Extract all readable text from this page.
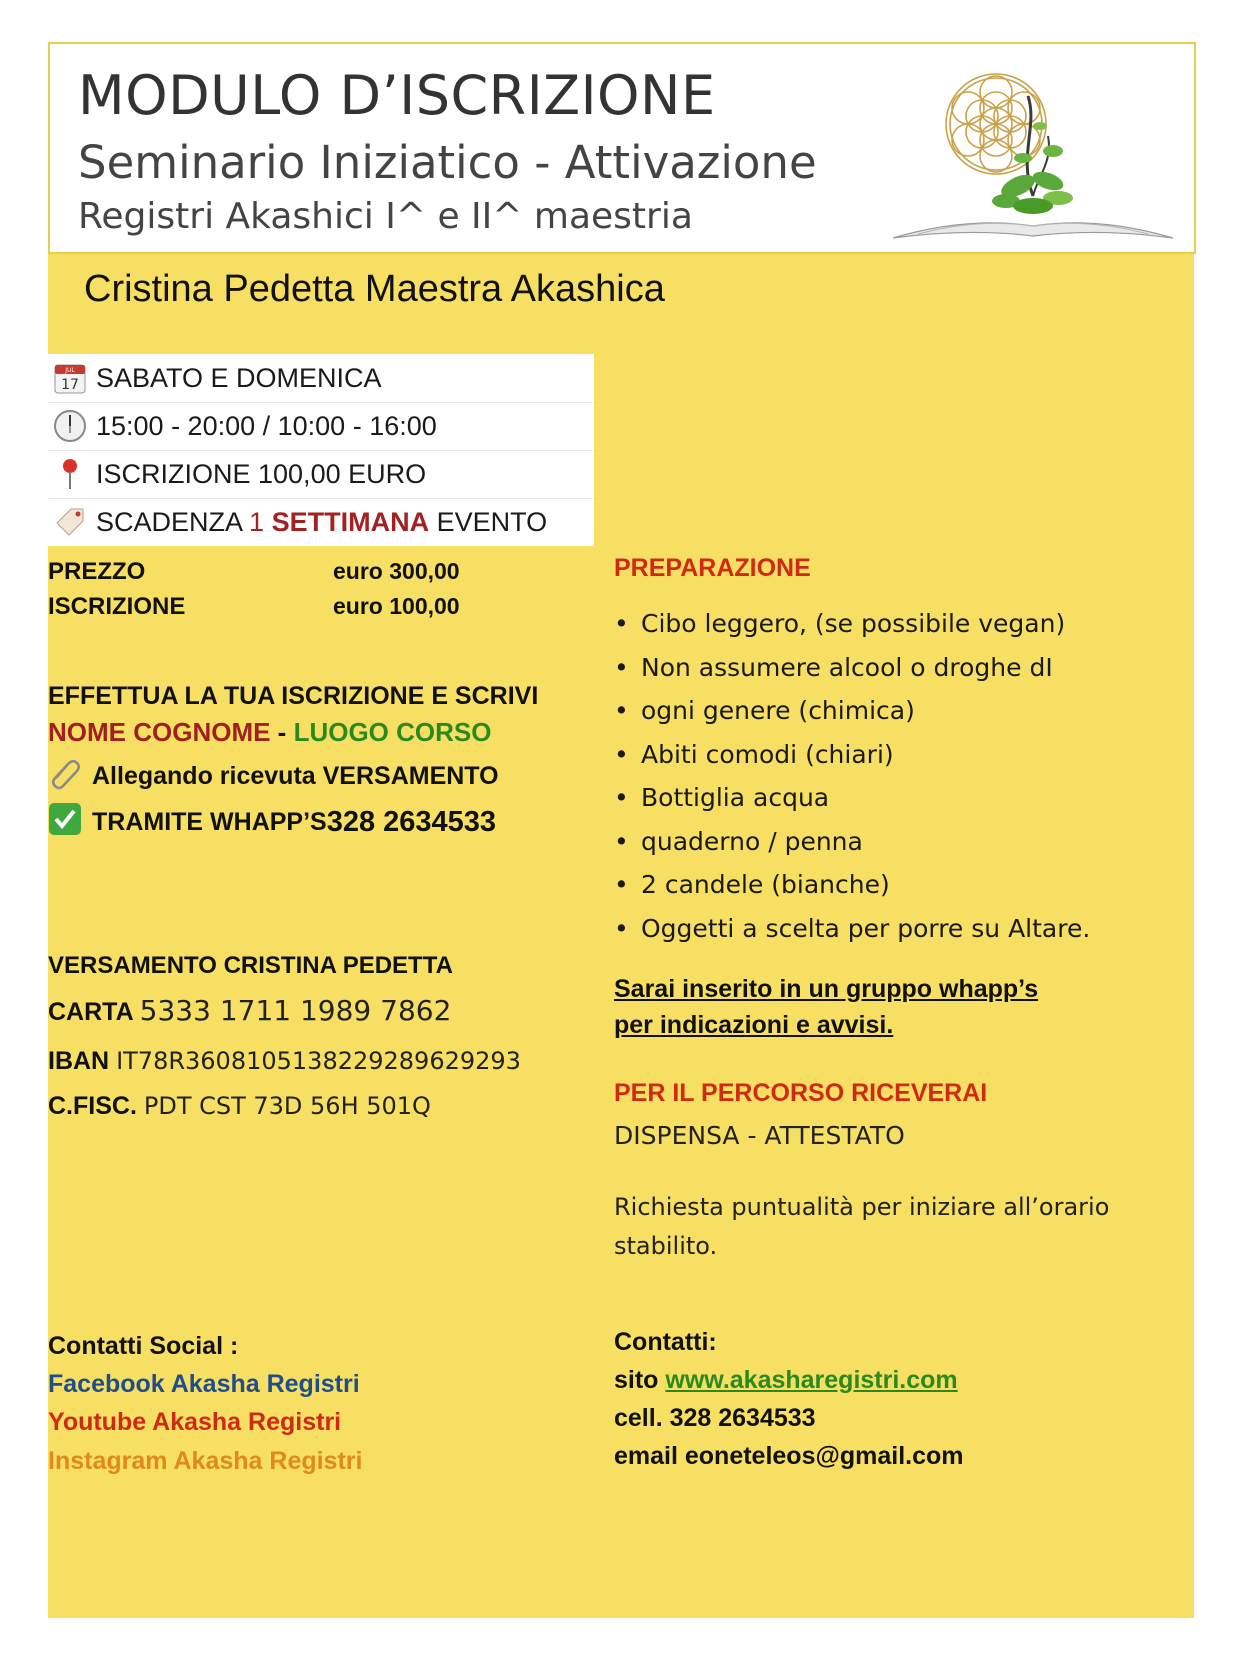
MODULO D’ISCRIZIONE
Seminario Iniziatico - Attivazione
Registri Akashici I^ e II^ maestria
Cristina Pedetta Maestra Akashica
JUL
17 SABATO E DOMENICA
15:00 - 20:00 / 10:00 - 16:00
ISCRIZIONE 100,00 EURO
SCADENZA 1 SETTIMANA EVENTO
PREZZO	euro 300,00
ISCRIZIONE	euro 100,00
EFFETTUA LA TUA ISCRIZIONE E SCRIVI
NOME COGNOME - LUOGO CORSO
Allegando ricevuta VERSAMENTO
TRAMITE WHAPP’S 328 2634533
VERSAMENTO CRISTINA PEDETTA
CARTA 5333 1711 1989 7862
IBAN IT78R3608105138229289629293
C.FISC. PDT CST 73D 56H 501Q
PREPARAZIONE
• Cibo leggero, (se possibile vegan)
• Non assumere alcool o droghe dI
• ogni genere (chimica)
• Abiti comodi (chiari)
• Bottiglia acqua
• quaderno / penna
• 2 candele (bianche)
• Oggetti a scelta per porre su Altare.
Sarai inserito in un gruppo whapp’s
per indicazioni e avvisi.
PER IL PERCORSO RICEVERAI
DISPENSA - ATTESTATO
Richiesta puntualità per iniziare all’orario stabilito.
Contatti Social :
Facebook Akasha Registri
Youtube Akasha Registri
Instagram Akasha Registri
Contatti:
sito www.akasharegistri.com
cell. 328 2634533
email eoneteleos@gmail.com
